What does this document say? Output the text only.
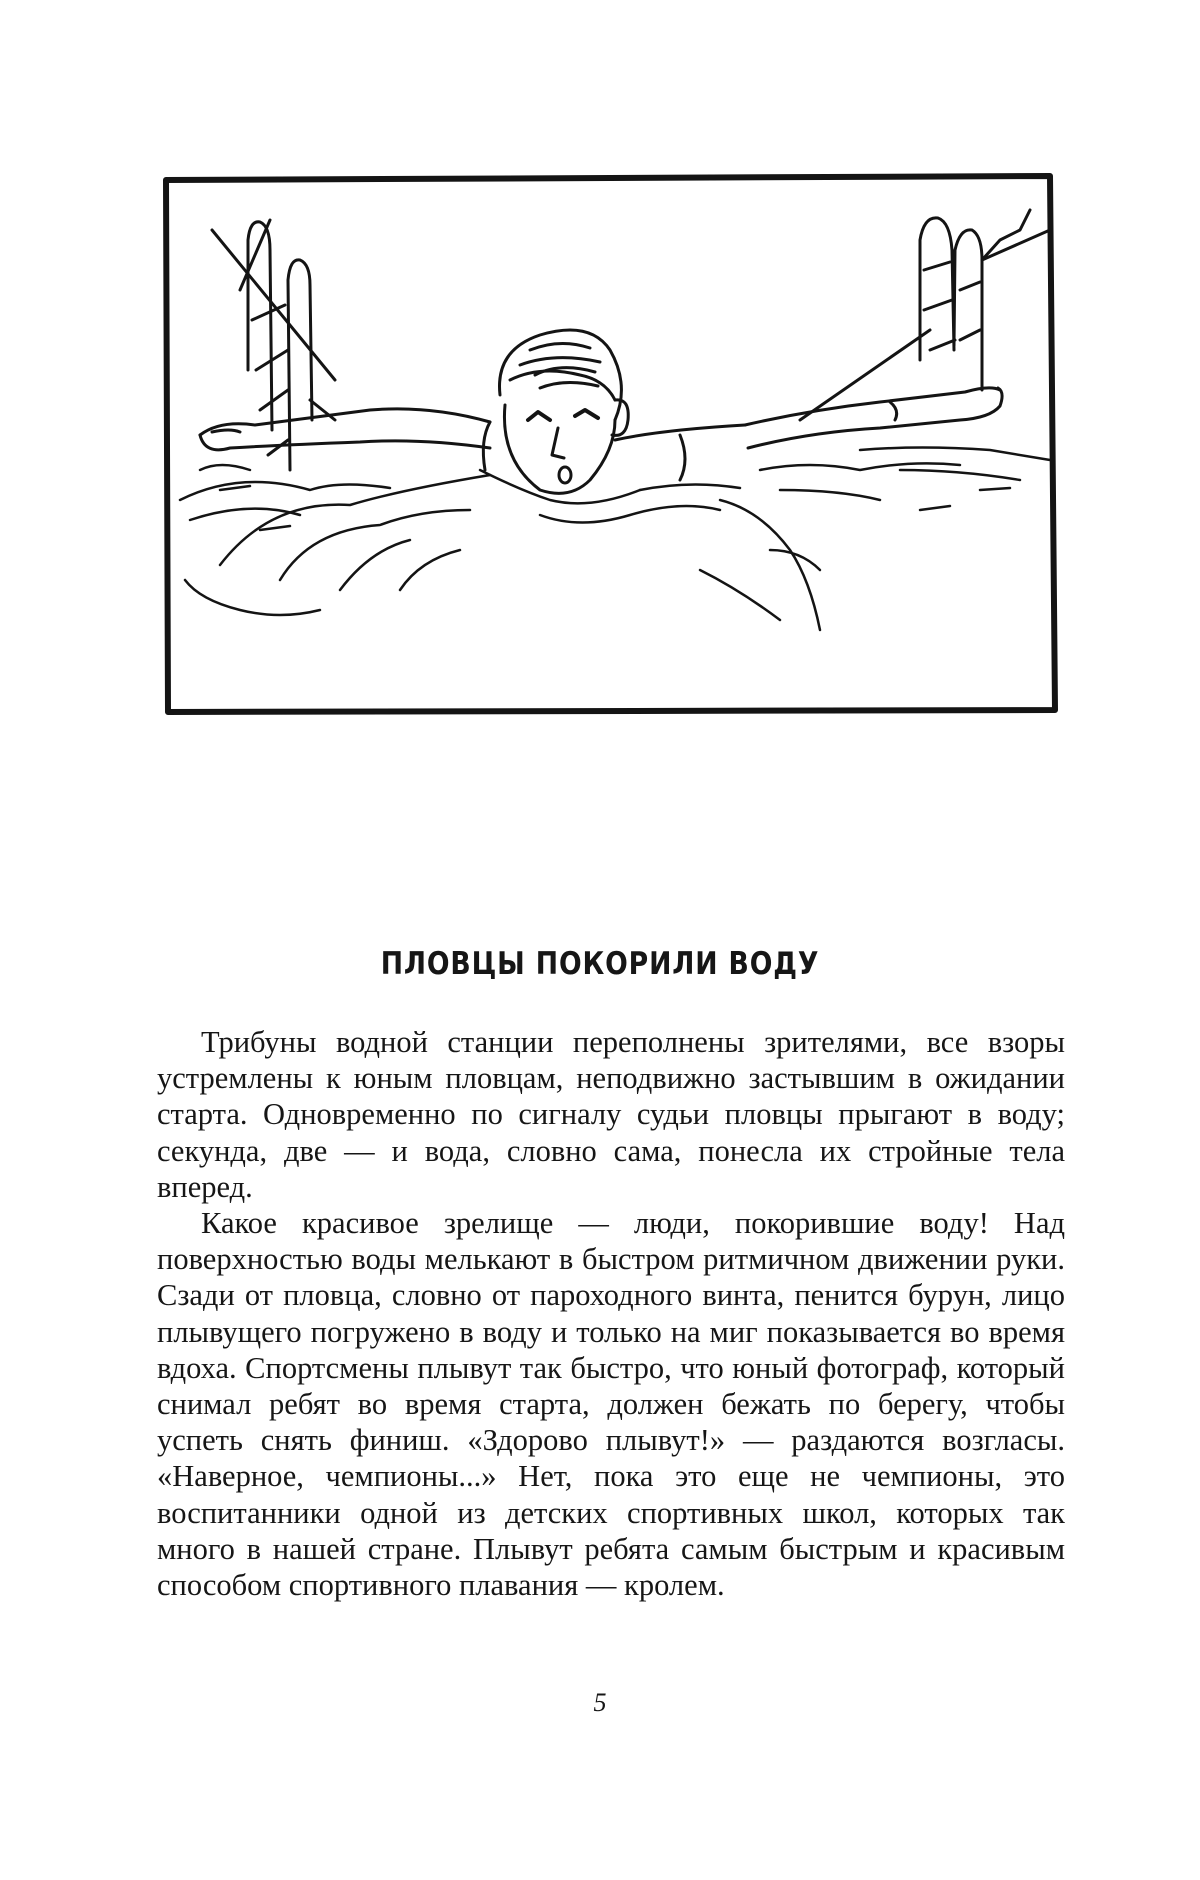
ПЛОВЦЫ ПОКОРИЛИ ВОДУ

Трибуны водной станции переполнены зрителями, все взоры устремлены к юным пловцам, неподвижно застывшим в ожидании старта. Одновременно по сигналу судьи пловцы прыгают в воду; секунда, две — и вода, словно сама, понесла их стройные тела вперед.

Какое красивое зрелище — люди, покорившие воду! Над поверхностью воды мелькают в быстром ритмичном движении руки. Сзади от пловца, словно от пароходного винта, пенится бурун, лицо плывущего погружено в воду и только на миг показывается во время вдоха. Спортсмены плывут так быстро, что юный фотограф, который снимал ребят во время старта, должен бежать по берегу, чтобы успеть снять финиш. «Здорово плывут!» — раздаются возгласы. «Наверное, чемпионы...» Нет, пока это еще не чемпионы, это воспитанники одной из детских спортивных школ, которых так много в нашей стране. Плывут ребята самым быстрым и красивым способом спортивного плавания — кролем.

5
